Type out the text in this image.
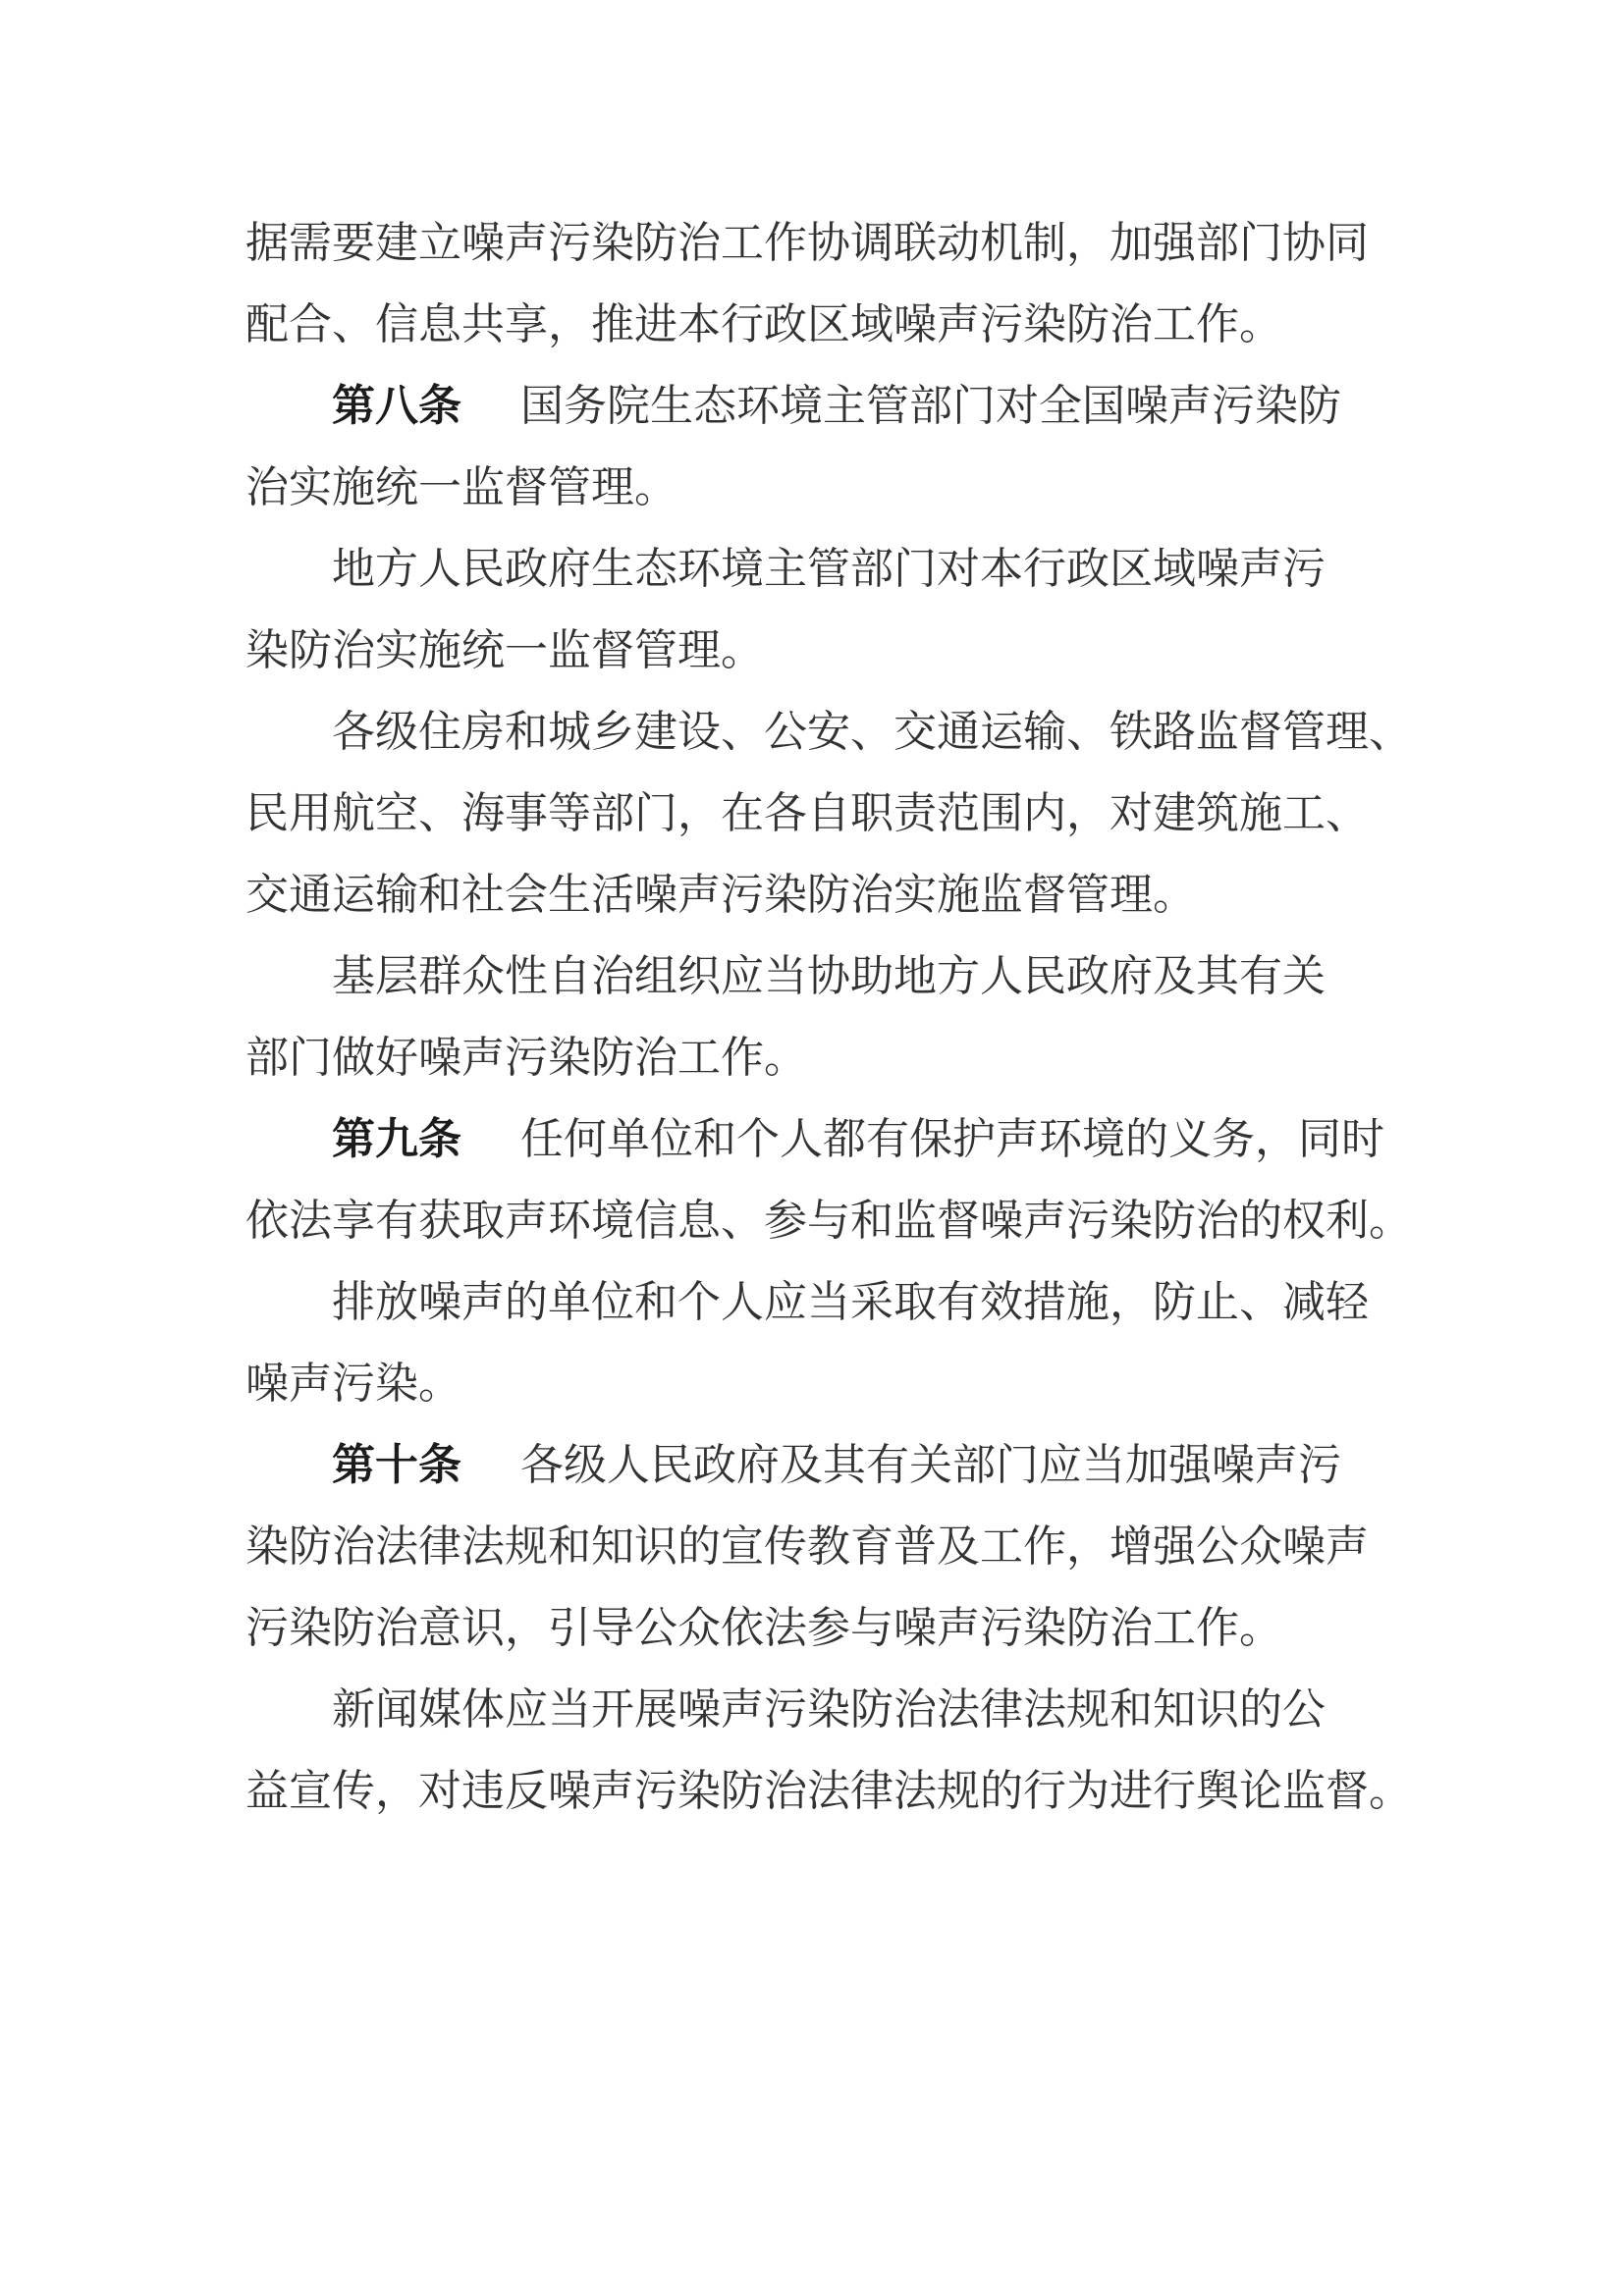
据需要建立噪声污染防治工作协调联动机制，加强部门协同
配合、信息共享，推进本行政区域噪声污染防治工作。
第八条 国务院生态环境主管部门对全国噪声污染防
治实施统一监督管理。
地方人民政府生态环境主管部门对本行政区域噪声污
染防治实施统一监督管理。
各级住房和城乡建设、公安、交通运输、铁路监督管理、
民用航空、海事等部门，在各自职责范围内，对建筑施工、
交通运输和社会生活噪声污染防治实施监督管理。
基层群众性自治组织应当协助地方人民政府及其有关
部门做好噪声污染防治工作。
第九条 任何单位和个人都有保护声环境的义务，同时
依法享有获取声环境信息、参与和监督噪声污染防治的权利。
排放噪声的单位和个人应当采取有效措施，防止、减轻
噪声污染。
第十条 各级人民政府及其有关部门应当加强噪声污
染防治法律法规和知识的宣传教育普及工作，增强公众噪声
污染防治意识，引导公众依法参与噪声污染防治工作。
新闻媒体应当开展噪声污染防治法律法规和知识的公
益宣传，对违反噪声污染防治法律法规的行为进行舆论监督。
